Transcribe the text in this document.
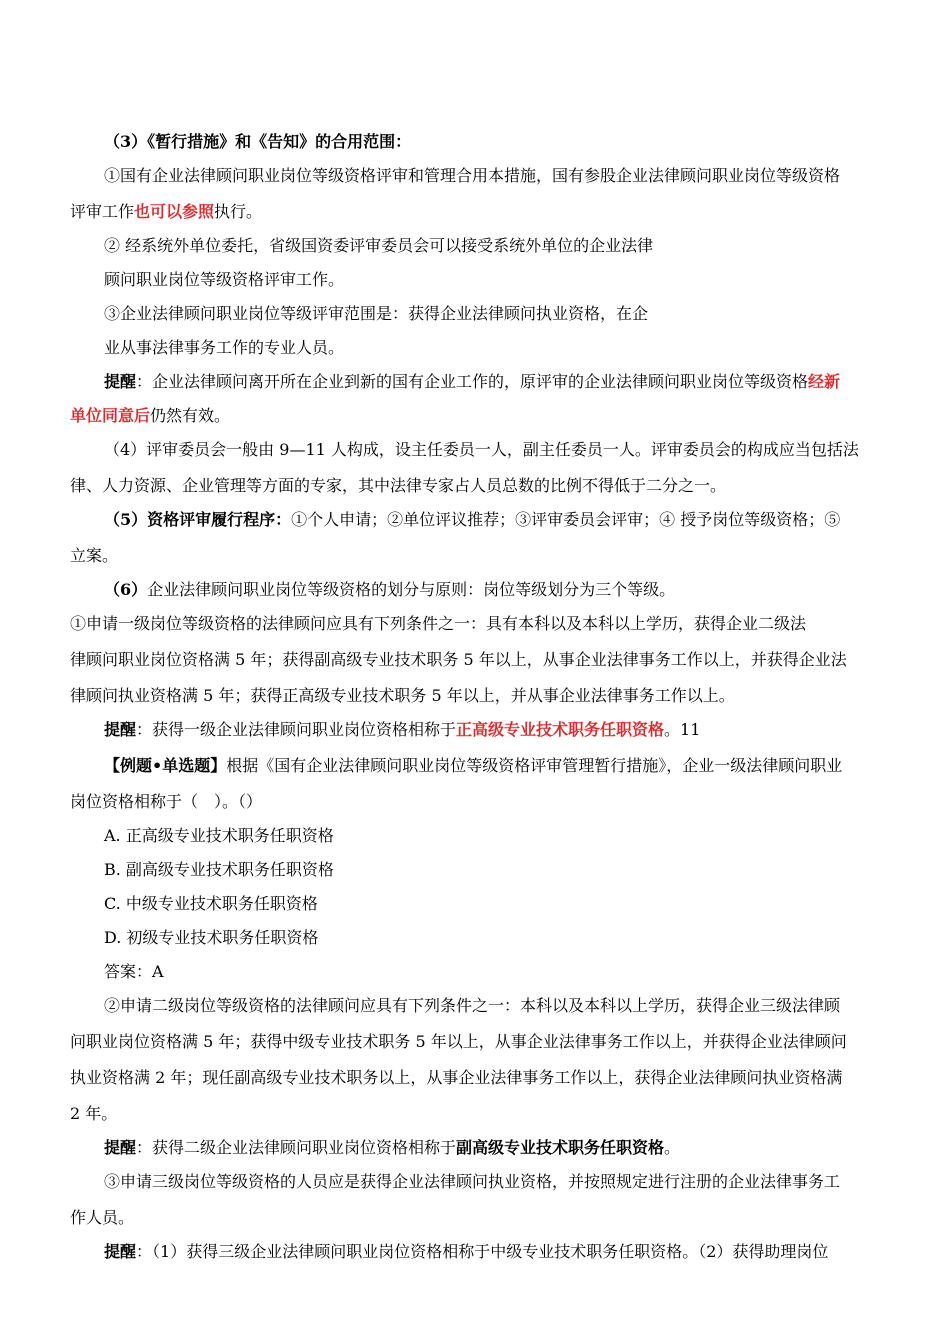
（3）《暂行措施》和《告知》的合用范围：
①国有企业法律顾问职业岗位等级资格评审和管理合用本措施，国有参股企业法律顾问职业岗位等级资格
评审工作也可以参照执行。
② 经系统外单位委托，省级国资委评审委员会可以接受系统外单位的企业法律
顾问职业岗位等级资格评审工作。
③企业法律顾问职业岗位等级评审范围是：获得企业法律顾问执业资格，在企
业从事法律事务工作的专业人员。
提醒：企业法律顾问离开所在企业到新的国有企业工作的，原评审的企业法律顾问职业岗位等级资格经新
单位同意后仍然有效。
（4）评审委员会一般由 9—11 人构成，设主任委员一人，副主任委员一人。评审委员会的构成应当包括法
律、人力资源、企业管理等方面的专家，其中法律专家占人员总数的比例不得低于二分之一。
（5）资格评审履行程序：①个人申请；②单位评议推荐；③评审委员会评审；④ 授予岗位等级资格；⑤
立案。
（6）企业法律顾问职业岗位等级资格的划分与原则：岗位等级划分为三个等级。
①申请一级岗位等级资格的法律顾问应具有下列条件之一：具有本科以及本科以上学历，获得企业二级法
律顾问职业岗位资格满 5 年；获得副高级专业技术职务 5 年以上，从事企业法律事务工作以上，并获得企业法
律顾问执业资格满 5 年；获得正高级专业技术职务 5 年以上，并从事企业法律事务工作以上。
提醒：获得一级企业法律顾问职业岗位资格相称于正高级专业技术职务任职资格。11
【例题•单选题】根据《国有企业法律顾问职业岗位等级资格评审管理暂行措施》，企业一级法律顾问职业
岗位资格相称于（　）。（）
A. 正高级专业技术职务任职资格
B. 副高级专业技术职务任职资格
C. 中级专业技术职务任职资格
D. 初级专业技术职务任职资格
答案：A
②申请二级岗位等级资格的法律顾问应具有下列条件之一：本科以及本科以上学历，获得企业三级法律顾
问职业岗位资格满 5 年；获得中级专业技术职务 5 年以上，从事企业法律事务工作以上，并获得企业法律顾问
执业资格满 2 年；现任副高级专业技术职务以上，从事企业法律事务工作以上，获得企业法律顾问执业资格满
2 年。
提醒：获得二级企业法律顾问职业岗位资格相称于副高级专业技术职务任职资格。
③申请三级岗位等级资格的人员应是获得企业法律顾问执业资格，并按照规定进行注册的企业法律事务工
作人员。
提醒：（1）获得三级企业法律顾问职业岗位资格相称于中级专业技术职务任职资格。（2）获得助理岗位
